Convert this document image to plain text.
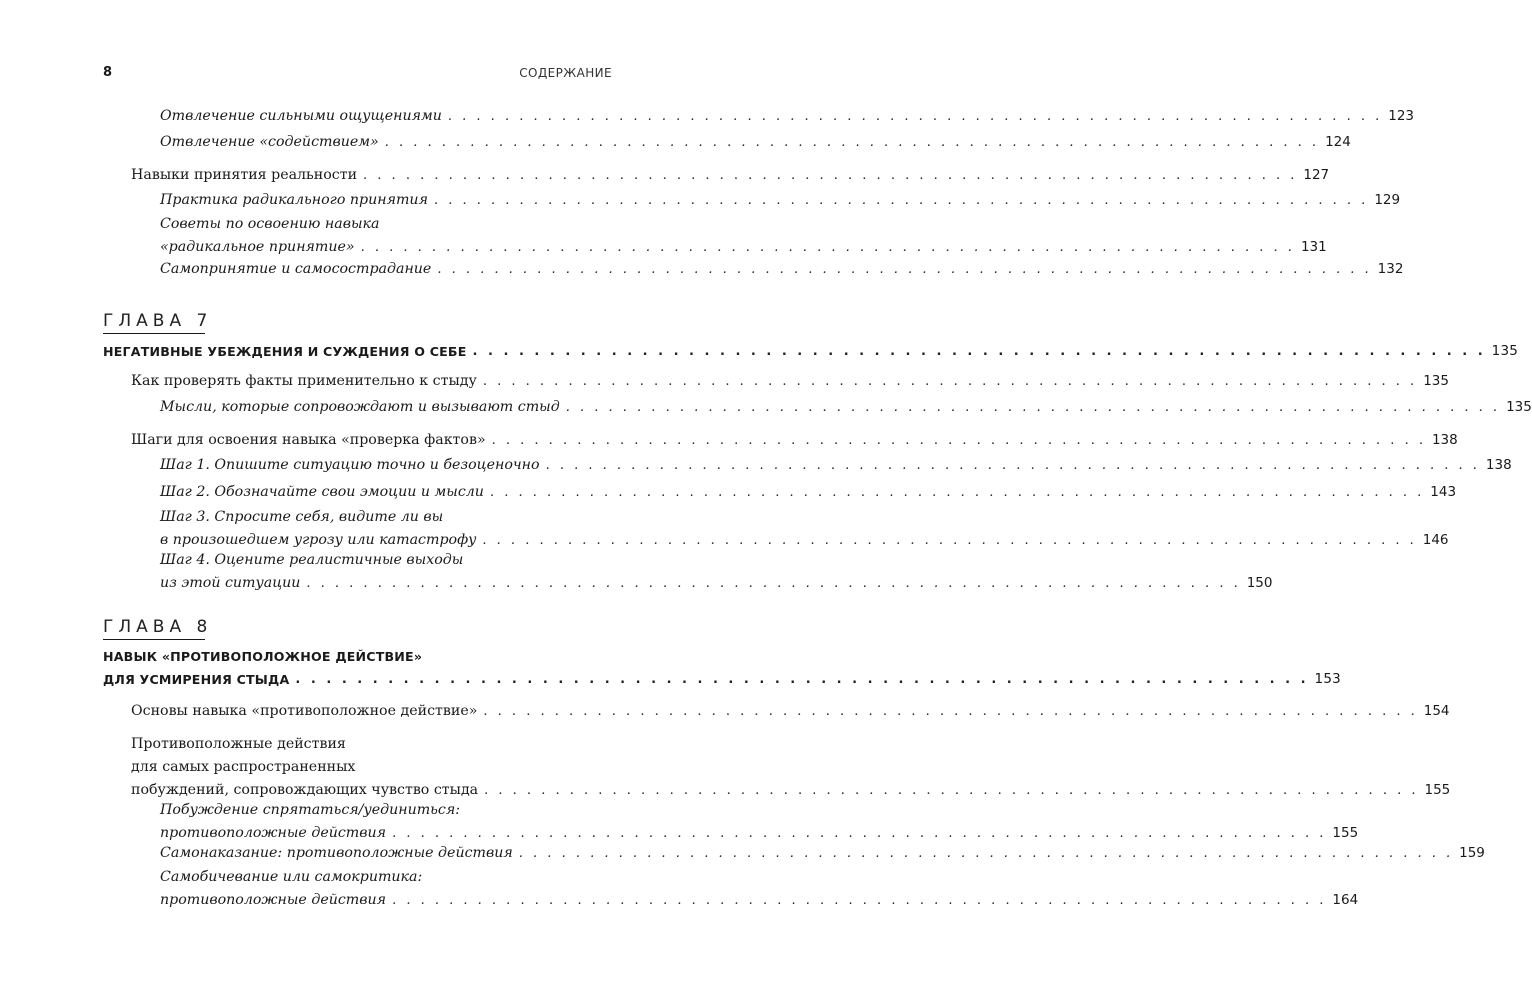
8	СОДЕРЖАНИЕ
Отвлечение сильными ощущениями . . . . . . . . . . . . . . . . . . . . . . . . . . . . . . . . . . . . . . . . . . . . . . . . . . . . . . . . . . . . . . . . . . 123
Отвлечение «содействием» . . . . . . . . . . . . . . . . . . . . . . . . . . . . . . . . . . . . . . . . . . . . . . . . . . . . . . . . . . . . . . . . . . 124
Навыки принятия реальности . . . . . . . . . . . . . . . . . . . . . . . . . . . . . . . . . . . . . . . . . . . . . . . . . . . . . . . . . . . . . . . . . . 127
Практика радикального принятия . . . . . . . . . . . . . . . . . . . . . . . . . . . . . . . . . . . . . . . . . . . . . . . . . . . . . . . . . . . . . . . . . . 129
Советы по освоению навыка
«радикальное принятие» . . . . . . . . . . . . . . . . . . . . . . . . . . . . . . . . . . . . . . . . . . . . . . . . . . . . . . . . . . . . . . . . . . 131
Самопринятие и самосострадание . . . . . . . . . . . . . . . . . . . . . . . . . . . . . . . . . . . . . . . . . . . . . . . . . . . . . . . . . . . . . . . . . . 132
ГЛАВА 7
НЕГАТИВНЫЕ УБЕЖДЕНИЯ И СУЖДЕНИЯ О СЕБЕ . . . . . . . . . . . . . . . . . . . . . . . . . . . . . . . . . . . . . . . . . . . . . . . . . . . . . . . . . . . . . . . . . . 135
Как проверять факты применительно к стыду . . . . . . . . . . . . . . . . . . . . . . . . . . . . . . . . . . . . . . . . . . . . . . . . . . . . . . . . . . . . . . . . . . 135
Мысли, которые сопровождают и вызывают стыд . . . . . . . . . . . . . . . . . . . . . . . . . . . . . . . . . . . . . . . . . . . . . . . . . . . . . . . . . . . . . . . . . . 135
Шаги для освоения навыка «проверка фактов» . . . . . . . . . . . . . . . . . . . . . . . . . . . . . . . . . . . . . . . . . . . . . . . . . . . . . . . . . . . . . . . . . . 138
Шаг 1. Опишите ситуацию точно и безоценочно . . . . . . . . . . . . . . . . . . . . . . . . . . . . . . . . . . . . . . . . . . . . . . . . . . . . . . . . . . . . . . . . . . 138
Шаг 2. Обозначайте свои эмоции и мысли . . . . . . . . . . . . . . . . . . . . . . . . . . . . . . . . . . . . . . . . . . . . . . . . . . . . . . . . . . . . . . . . . . 143
Шаг 3. Спросите себя, видите ли вы
в произошедшем угрозу или катастрофу . . . . . . . . . . . . . . . . . . . . . . . . . . . . . . . . . . . . . . . . . . . . . . . . . . . . . . . . . . . . . . . . . . 146
Шаг 4. Оцените реалистичные выходы
из этой ситуации . . . . . . . . . . . . . . . . . . . . . . . . . . . . . . . . . . . . . . . . . . . . . . . . . . . . . . . . . . . . . . . . . . 150
ГЛАВА 8
НАВЫК «ПРОТИВОПОЛОЖНОЕ ДЕЙСТВИЕ»
ДЛЯ УСМИРЕНИЯ СТЫДА . . . . . . . . . . . . . . . . . . . . . . . . . . . . . . . . . . . . . . . . . . . . . . . . . . . . . . . . . . . . . . . . . . 153
Основы навыка «противоположное действие» . . . . . . . . . . . . . . . . . . . . . . . . . . . . . . . . . . . . . . . . . . . . . . . . . . . . . . . . . . . . . . . . . . 154
Противоположные действия
для самых распространенных
побуждений, сопровождающих чувство стыда . . . . . . . . . . . . . . . . . . . . . . . . . . . . . . . . . . . . . . . . . . . . . . . . . . . . . . . . . . . . . . . . . . 155
Побуждение спрятаться/уединиться:
противоположные действия . . . . . . . . . . . . . . . . . . . . . . . . . . . . . . . . . . . . . . . . . . . . . . . . . . . . . . . . . . . . . . . . . . 155
Самонаказание: противоположные действия . . . . . . . . . . . . . . . . . . . . . . . . . . . . . . . . . . . . . . . . . . . . . . . . . . . . . . . . . . . . . . . . . . 159
Самобичевание или самокритика:
противоположные действия . . . . . . . . . . . . . . . . . . . . . . . . . . . . . . . . . . . . . . . . . . . . . . . . . . . . . . . . . . . . . . . . . . 164
